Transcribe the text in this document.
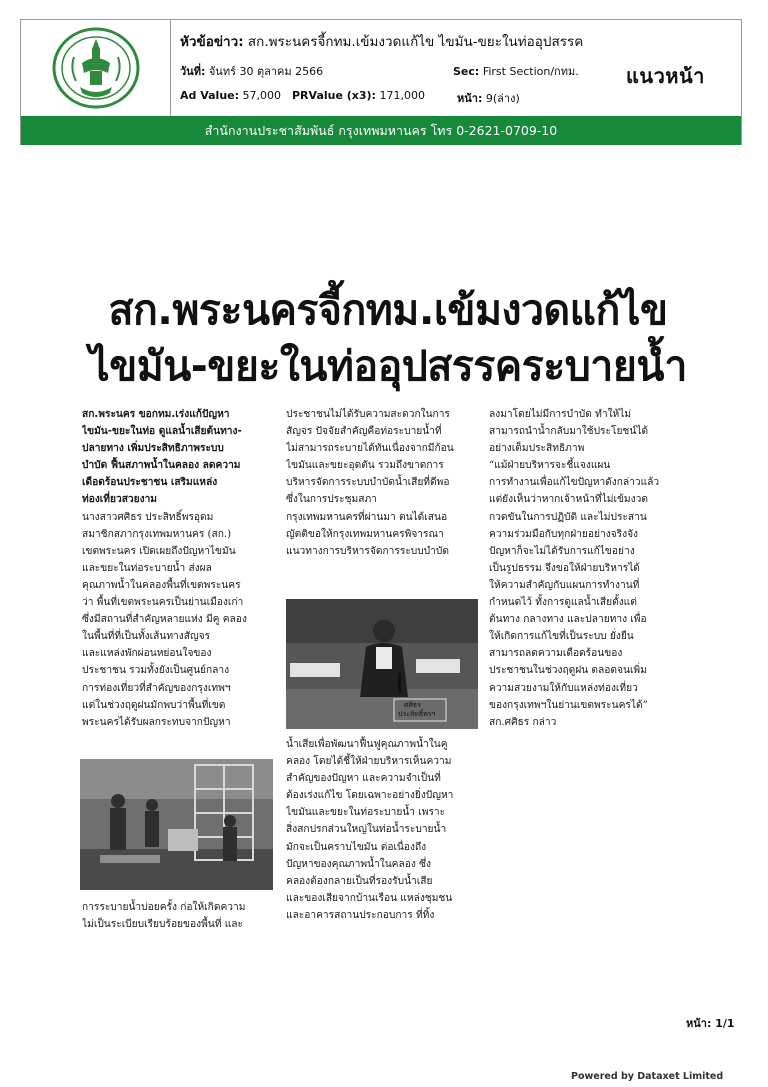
หัวข้อข่าว: สก.พระนครจี้กทม.เข้มงวดแก้ไข ไขมัน-ขยะในท่ออุปสรรค
วันที่: จันทร์ 30 ตุลาคม 2566	Sec: First Section/กทม.
Ad Value: 57,000 PRValue (x3): 171,000	หน้า: 9(ล่าง)
แนวหน้า
สำนักงานประชาสัมพันธ์ กรุงเทพมหานคร โทร 0-2621-0709-10
สก.พระนครจี้กทม.เข้มงวดแก้ไข
ไขมัน-ขยะในท่ออุปสรรคระบายน้ำ

สก.พระนคร ขอกทม.เร่งแก้ปัญหา

ไขมัน-ขยะในท่อ ดูแลน้ำเสียต้นทาง-

ปลายทาง เพิ่มประสิทธิภาพระบบ

บำบัด ฟื้นสภาพน้ำในคลอง ลดความ

เดือดร้อนประชาชน เสริมแหล่ง

ท่องเที่ยวสวยงาม

นางสาวศศิธร ประสิทธิ์พรอุดม

สมาชิกสภากรุงเทพมหานคร (สก.)

เขตพระนคร เปิดเผยถึงปัญหาไขมัน

และขยะในท่อระบายน้ำ ส่งผล

คุณภาพน้ำในคลองพื้นที่เขตพระนคร

ว่า พื้นที่เขตพระนครเป็นย่านเมืองเก่า

ซึ่งมีสถานที่สำคัญหลายแห่ง มีคู คลอง

ในพื้นที่ที่เป็นทั้งเส้นทางสัญจร

และแหล่งพักผ่อนหย่อนใจของ

ประชาชน รวมทั้งยังเป็นศูนย์กลาง

การท่องเที่ยวที่สำคัญของกรุงเทพฯ

แต่ในช่วงฤดูฝนมักพบว่าพื้นที่เขต

พระนครได้รับผลกระทบจากปัญหา

การระบายน้ำบ่อยครั้ง ก่อให้เกิดความ

ไม่เป็นระเบียบเรียบร้อยของพื้นที่ และ

ประชาชนไม่ได้รับความสะดวกในการ

สัญจร ปัจจัยสำคัญคือท่อระบายน้ำที่

ไม่สามารถระบายได้ทันเนื่องจากมีก้อน

ไขมันและขยะอุดตัน รวมถึงขาดการ

บริหารจัดการระบบบำบัดน้ำเสียที่ดีพอ

ซึ่งในการประชุมสภา

กรุงเทพมหานครที่ผ่านมา ตนได้เสนอ

ญัตติขอให้กรุงเทพมหานครพิจารณา

แนวทางการบริหารจัดการระบบบำบัด

ศศิธรประสิทธิ์พรฯ

น้ำเสียเพื่อพัฒนาฟื้นฟูคุณภาพน้ำในคู

คลอง โดยได้ชี้ให้ฝ่ายบริหารเห็นความ

สำคัญของปัญหา และความจำเป็นที่

ต้องเร่งแก้ไข โดยเฉพาะอย่างยิ่งปัญหา

ไขมันและขยะในท่อระบายน้ำ เพราะ

สิ่งสกปรกส่วนใหญ่ในท่อน้ำระบายน้ำ

มักจะเป็นคราบไขมัน ต่อเนื่องถึง

ปัญหาของคุณภาพน้ำในคลอง ซึ่ง

คลองต้องกลายเป็นที่รองรับน้ำเสีย

และของเสียจากบ้านเรือน แหล่งชุมชน

และอาคารสถานประกอบการ ที่ทิ้ง

ลงมาโดยไม่มีการบำบัด ทำให้ไม่

สามารถนำน้ำกลับมาใช้ประโยชน์ได้

อย่างเต็มประสิทธิภาพ

“แม้ฝ่ายบริหารจะชี้แจงแผน

การทำงานเพื่อแก้ไขปัญหาดังกล่าวแล้ว

แต่ยังเห็นว่าหากเจ้าหน้าที่ไม่เข้มงวด

กวดขันในการปฏิบัติ และไม่ประสาน

ความร่วมมือกับทุกฝ่ายอย่างจริงจัง

ปัญหาก็จะไม่ได้รับการแก้ไขอย่าง

เป็นรูปธรรม จึงขอให้ฝ่ายบริหารได้

ให้ความสำคัญกับแผนการทำงานที่

กำหนดไว้ ทั้งการดูแลน้ำเสียตั้งแต่

ต้นทาง กลางทาง และปลายทาง เพื่อ

ให้เกิดการแก้ไขที่เป็นระบบ ยั่งยืน

สามารถลดความเดือดร้อนของ

ประชาชนในช่วงฤดูฝน ตลอดจนเพิ่ม

ความสวยงามให้กับแหล่งท่องเที่ยว

ของกรุงเทพฯในย่านเขตพระนครได้”

สก.ศศิธร กล่าว

หน้า: 1/1
Powered by Dataxet Limited
